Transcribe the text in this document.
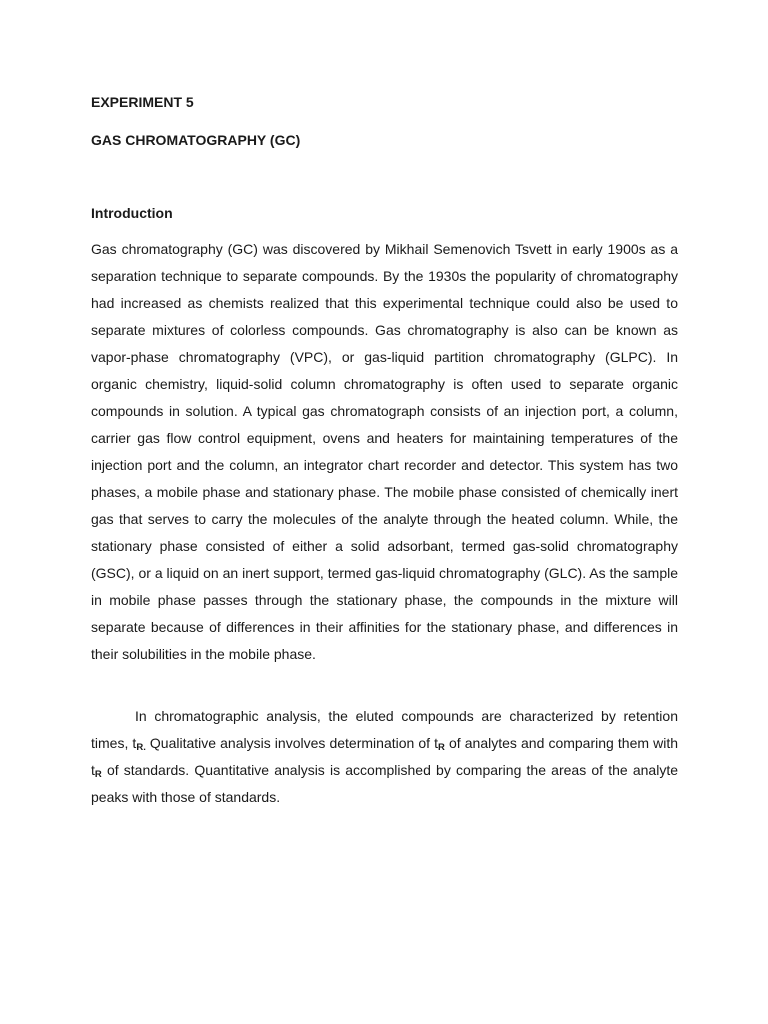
EXPERIMENT 5

GAS CHROMATOGRAPHY (GC)

Introduction

Gas chromatography (GC) was discovered by Mikhail Semenovich Tsvett in early 1900s as a separation technique to separate compounds. By the 1930s the popularity of chromatography had increased as chemists realized that this experimental technique could also be used to separate mixtures of colorless compounds. Gas chromatography is also can be known as vapor-phase chromatography (VPC), or gas-liquid partition chromatography (GLPC). In organic chemistry, liquid-solid column chromatography is often used to separate organic compounds in solution. A typical gas chromatograph consists of an injection port, a column, carrier gas flow control equipment, ovens and heaters for maintaining temperatures of the injection port and the column, an integrator chart recorder and detector. This system has two phases, a mobile phase and stationary phase. The mobile phase consisted of chemically inert gas that serves to carry the molecules of the analyte through the heated column. While, the stationary phase consisted of either a solid adsorbant, termed gas-solid chromatography (GSC), or a liquid on an inert support, termed gas-liquid chromatography (GLC). As the sample in mobile phase passes through the stationary phase, the compounds in the mixture will separate because of differences in their affinities for the stationary phase, and differences in their solubilities in the mobile phase.

In chromatographic analysis, the eluted compounds are characterized by retention times, $t_{R.}$ Qualitative analysis involves determination of $t_R$ of analytes and comparing them with $t_R$ of standards. Quantitative analysis is accomplished by comparing the areas of the analyte peaks with those of standards.
